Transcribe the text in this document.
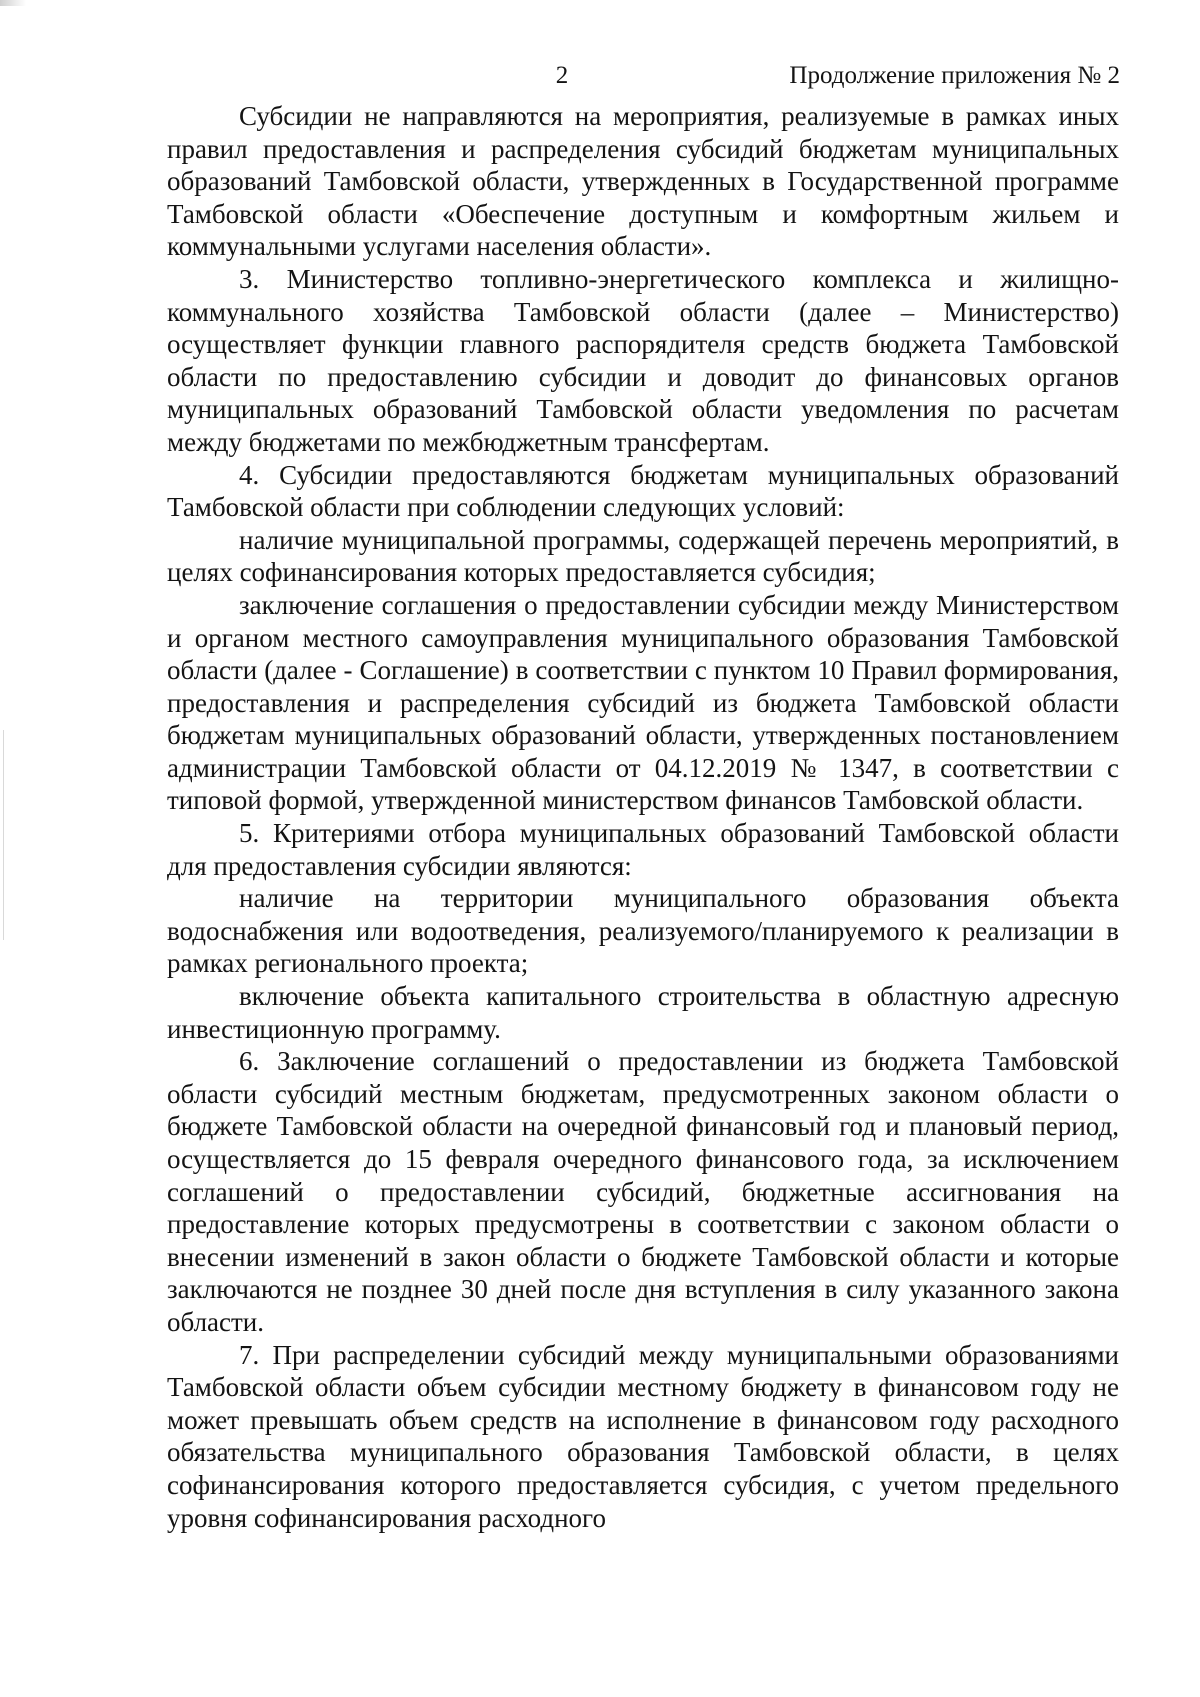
2	Продолжение приложения № 2

Субсидии не направляются на мероприятия, реализуемые в рамках иных правил предоставления и распределения субсидий бюджетам муниципальных образований Тамбовской области, утвержденных в Государственной программе Тамбовской области «Обеспечение доступным и комфортным жильем и коммунальными услугами населения области».

3. Министерство топливно-энергетического комплекса и жилищно-коммунального хозяйства Тамбовской области (далее – Министерство) осуществляет функции главного распорядителя средств бюджета Тамбовской области по предоставлению субсидии и доводит до финансовых органов муниципальных образований Тамбовской области уведомления по расчетам между бюджетами по межбюджетным трансфертам.

4. Субсидии предоставляются бюджетам муниципальных образований Тамбовской области при соблюдении следующих условий:

наличие муниципальной программы, содержащей перечень мероприятий, в целях софинансирования которых предоставляется субсидия;

заключение соглашения о предоставлении субсидии между Министерством и органом местного самоуправления муниципального образования Тамбовской области (далее - Соглашение) в соответствии с пунктом 10 Правил формирования, предоставления и распределения субсидий из бюджета Тамбовской области бюджетам муниципальных образований области, утвержденных постановлением администрации Тамбовской области от 04.12.2019 № 1347, в соответствии с типовой формой, утвержденной министерством финансов Тамбовской области.

5. Критериями отбора муниципальных образований Тамбовской области для предоставления субсидии являются:

наличие на территории муниципального образования объекта водоснабжения или водоотведения, реализуемого/планируемого к реализации в рамках регионального проекта;

включение объекта капитального строительства в областную адресную инвестиционную программу.

6. Заключение соглашений о предоставлении из бюджета Тамбовской области субсидий местным бюджетам, предусмотренных законом области о бюджете Тамбовской области на очередной финансовый год и плановый период, осуществляется до 15 февраля очередного финансового года, за исключением соглашений о предоставлении субсидий, бюджетные ассигнования на предоставление которых предусмотрены в соответствии с законом области о внесении изменений в закон области о бюджете Тамбовской области и которые заключаются не позднее 30 дней после дня вступления в силу указанного закона области.

7. При распределении субсидий между муниципальными образованиями Тамбовской области объем субсидии местному бюджету в финансовом году не может превышать объем средств на исполнение в финансовом году расходного обязательства муниципального образования Тамбовской области, в целях софинансирования которого предоставляется субсидия, с учетом предельного уровня софинансирования расходного
